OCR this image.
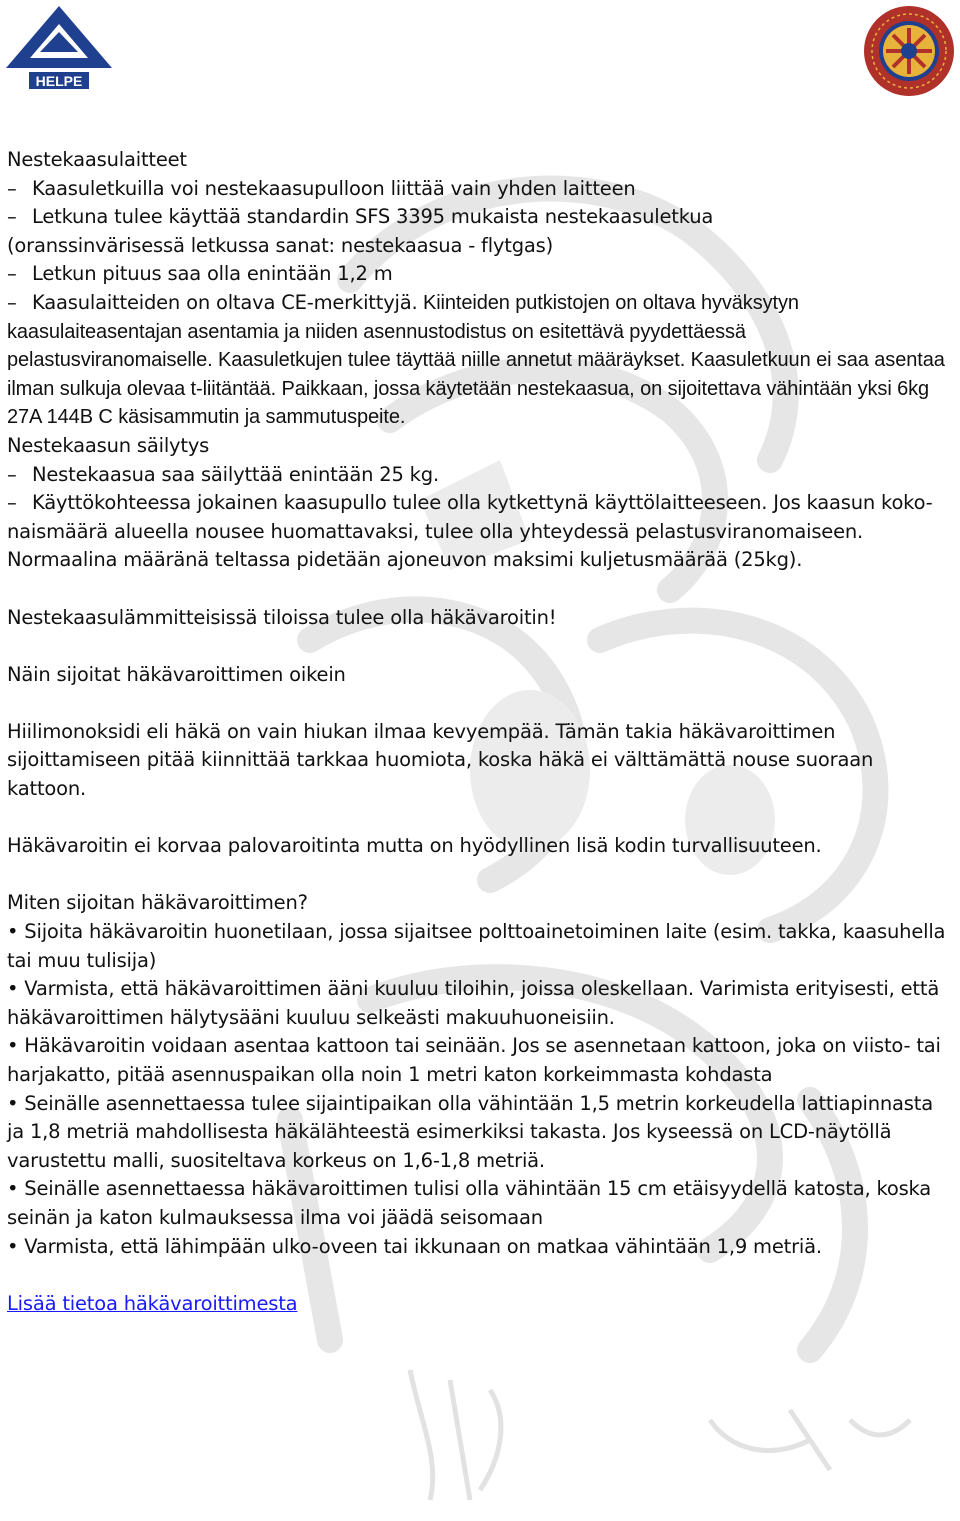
HELPE

Nestekaasulaitteet

–Kaasuletkuilla voi nestekaasupulloon liittää vain yhden laitteen

–Letkuna tulee käyttää standardin SFS 3395 mukaista nestekaasuletkua

(oranssinvärisessä letkussa sanat: nestekaasua - flytgas)

–Letkun pituus saa olla enintään 1,2 m

–Kaasulaitteiden on oltava CE-merkittyjä. Kiinteiden putkistojen on oltava hyväksytyn kaasulaiteasentajan asentamia ja niiden asennustodistus on esitettävä pyydettäessä pelastusviranomaiselle. Kaasuletkujen tulee täyttää niille annetut määräykset. Kaasuletkuun ei saa asentaa ilman sulkuja olevaa t-liitäntää. Paikkaan, jossa käytetään nestekaasua, on sijoitettava vähintään yksi 6kg 27A 144B C käsisammutin ja sammutuspeite.

Nestekaasun säilytys

–Nestekaasua saa säilyttää enintään 25 kg.

–Käyttökohteessa jokainen kaasupullo tulee olla kytkettynä käyttölaitteeseen. Jos kaasun koko-naismäärä alueella nousee huomattavaksi, tulee olla yhteydessä pelastusviranomaiseen. Normaalina määränä teltassa pidetään ajoneuvon maksimi kuljetusmäärää (25kg).

Nestekaasulämmitteisissä tiloissa tulee olla häkävaroitin!

Näin sijoitat häkävaroittimen oikein

Hiilimonoksidi eli häkä on vain hiukan ilmaa kevyempää. Tämän takia häkävaroittimen sijoittamiseen pitää kiinnittää tarkkaa huomiota, koska häkä ei välttämättä nouse suoraan kattoon.

Häkävaroitin ei korvaa palovaroitinta mutta on hyödyllinen lisä kodin turvallisuuteen.

Miten sijoitan häkävaroittimen?

• Sijoita häkävaroitin huonetilaan, jossa sijaitsee polttoainetoiminen laite (esim. takka, kaasuhella tai muu tulisija)

• Varmista, että häkävaroittimen ääni kuuluu tiloihin, joissa oleskellaan. Varimista erityisesti, että häkävaroittimen hälytysääni kuuluu selkeästi makuuhuoneisiin.

• Häkävaroitin voidaan asentaa kattoon tai seinään. Jos se asennetaan kattoon, joka on viisto- tai harjakatto, pitää asennuspaikan olla noin 1 metri katon korkeimmasta kohdasta

• Seinälle asennettaessa tulee sijaintipaikan olla vähintään 1,5 metrin korkeudella lattiapinnasta ja 1,8 metriä mahdollisesta häkälähteestä esimerkiksi takasta. Jos kyseessä on LCD-näytöllä varustettu malli, suositeltava korkeus on 1,6-1,8 metriä.

• Seinälle asennettaessa häkävaroittimen tulisi olla vähintään 15 cm etäisyydellä katosta, koska seinän ja katon kulmauksessa ilma voi jäädä seisomaan

• Varmista, että lähimpään ulko-oveen tai ikkunaan on matkaa vähintään 1,9 metriä.

Lisää tietoa häkävaroittimesta
